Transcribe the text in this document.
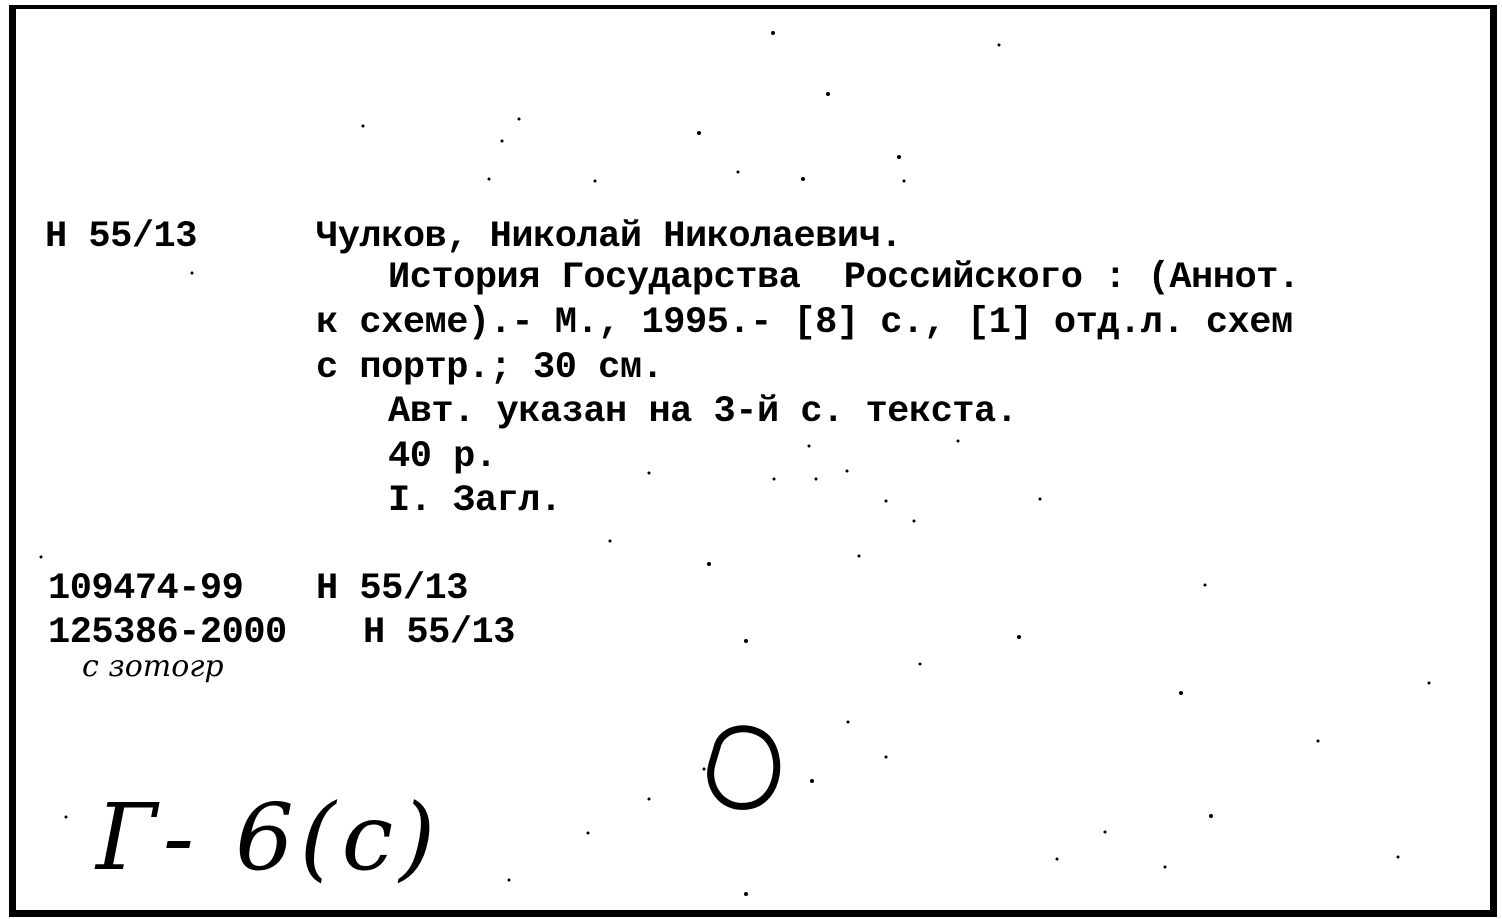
Н 55/13	Чулков, Николай Николаевич.
История Государства  Российского : (Аннот.
к схеме).- М., 1995.- [8] с., [1] отд.л. схем
с портр.; 30 см.
Авт. указан на 3-й с. текста.
40 р.
I. Загл.
109474-99 Н 55/13
125386-2000 Н 55/13
с зотогр
Г- 6(с)
